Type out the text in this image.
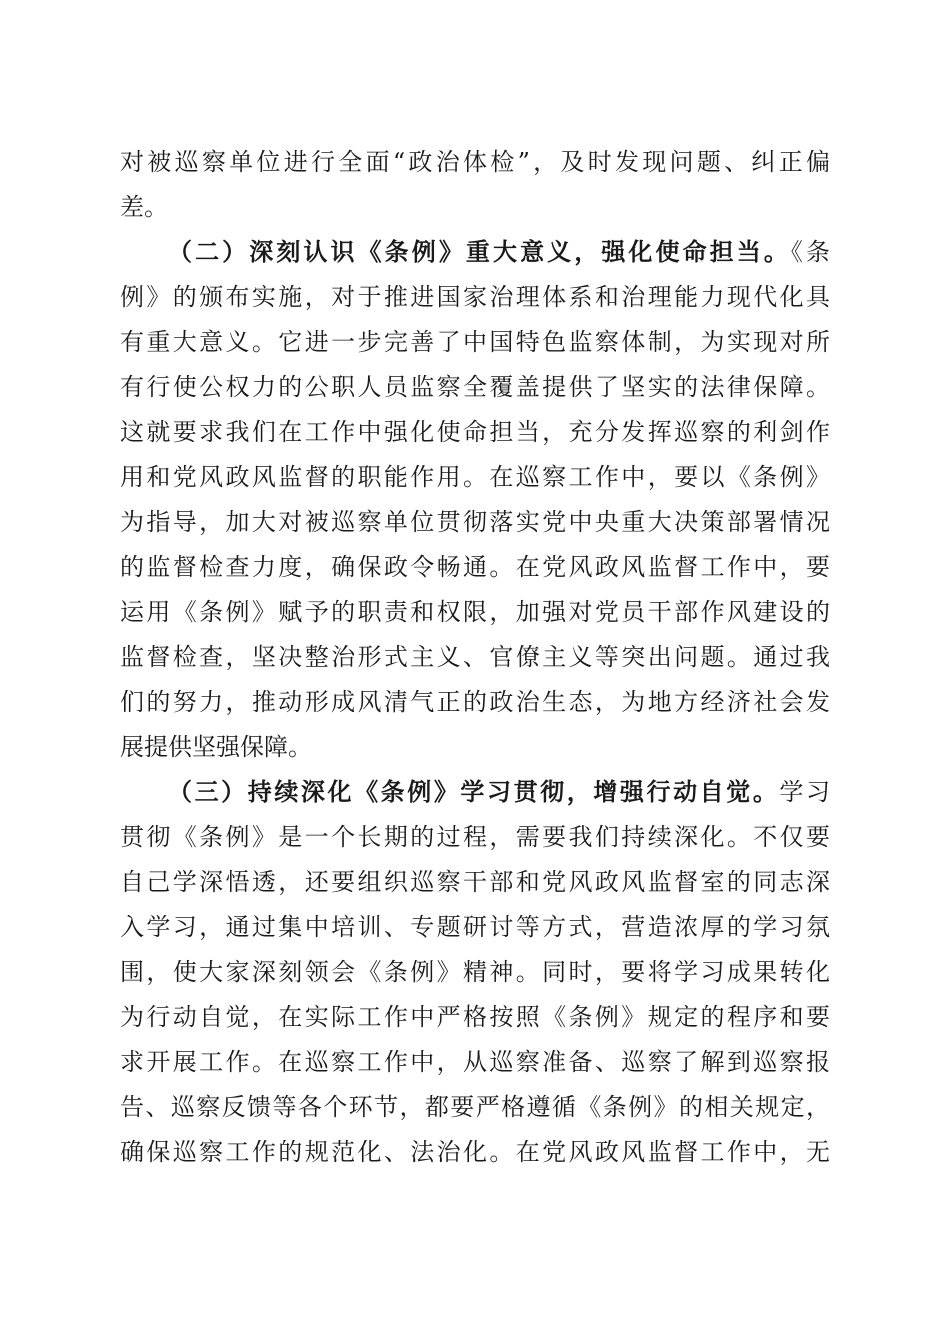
对被巡察单位进行全面“政治体检”，及时发现问题、纠正偏
差。
（二）深刻认识《条例》重大意义，强化使命担当。《条
例》的颁布实施，对于推进国家治理体系和治理能力现代化具
有重大意义。它进一步完善了中国特色监察体制，为实现对所
有行使公权力的公职人员监察全覆盖提供了坚实的法律保障。
这就要求我们在工作中强化使命担当，充分发挥巡察的利剑作
用和党风政风监督的职能作用。在巡察工作中，要以《条例》
为指导，加大对被巡察单位贯彻落实党中央重大决策部署情况
的监督检查力度，确保政令畅通。在党风政风监督工作中，要
运用《条例》赋予的职责和权限，加强对党员干部作风建设的
监督检查，坚决整治形式主义、官僚主义等突出问题。通过我
们的努力，推动形成风清气正的政治生态，为地方经济社会发
展提供坚强保障。
（三）持续深化《条例》学习贯彻，增强行动自觉。学习
贯彻《条例》是一个长期的过程，需要我们持续深化。不仅要
自己学深悟透，还要组织巡察干部和党风政风监督室的同志深
入学习，通过集中培训、专题研讨等方式，营造浓厚的学习氛
围，使大家深刻领会《条例》精神。同时，要将学习成果转化
为行动自觉，在实际工作中严格按照《条例》规定的程序和要
求开展工作。在巡察工作中，从巡察准备、巡察了解到巡察报
告、巡察反馈等各个环节，都要严格遵循《条例》的相关规定，
确保巡察工作的规范化、法治化。在党风政风监督工作中，无
